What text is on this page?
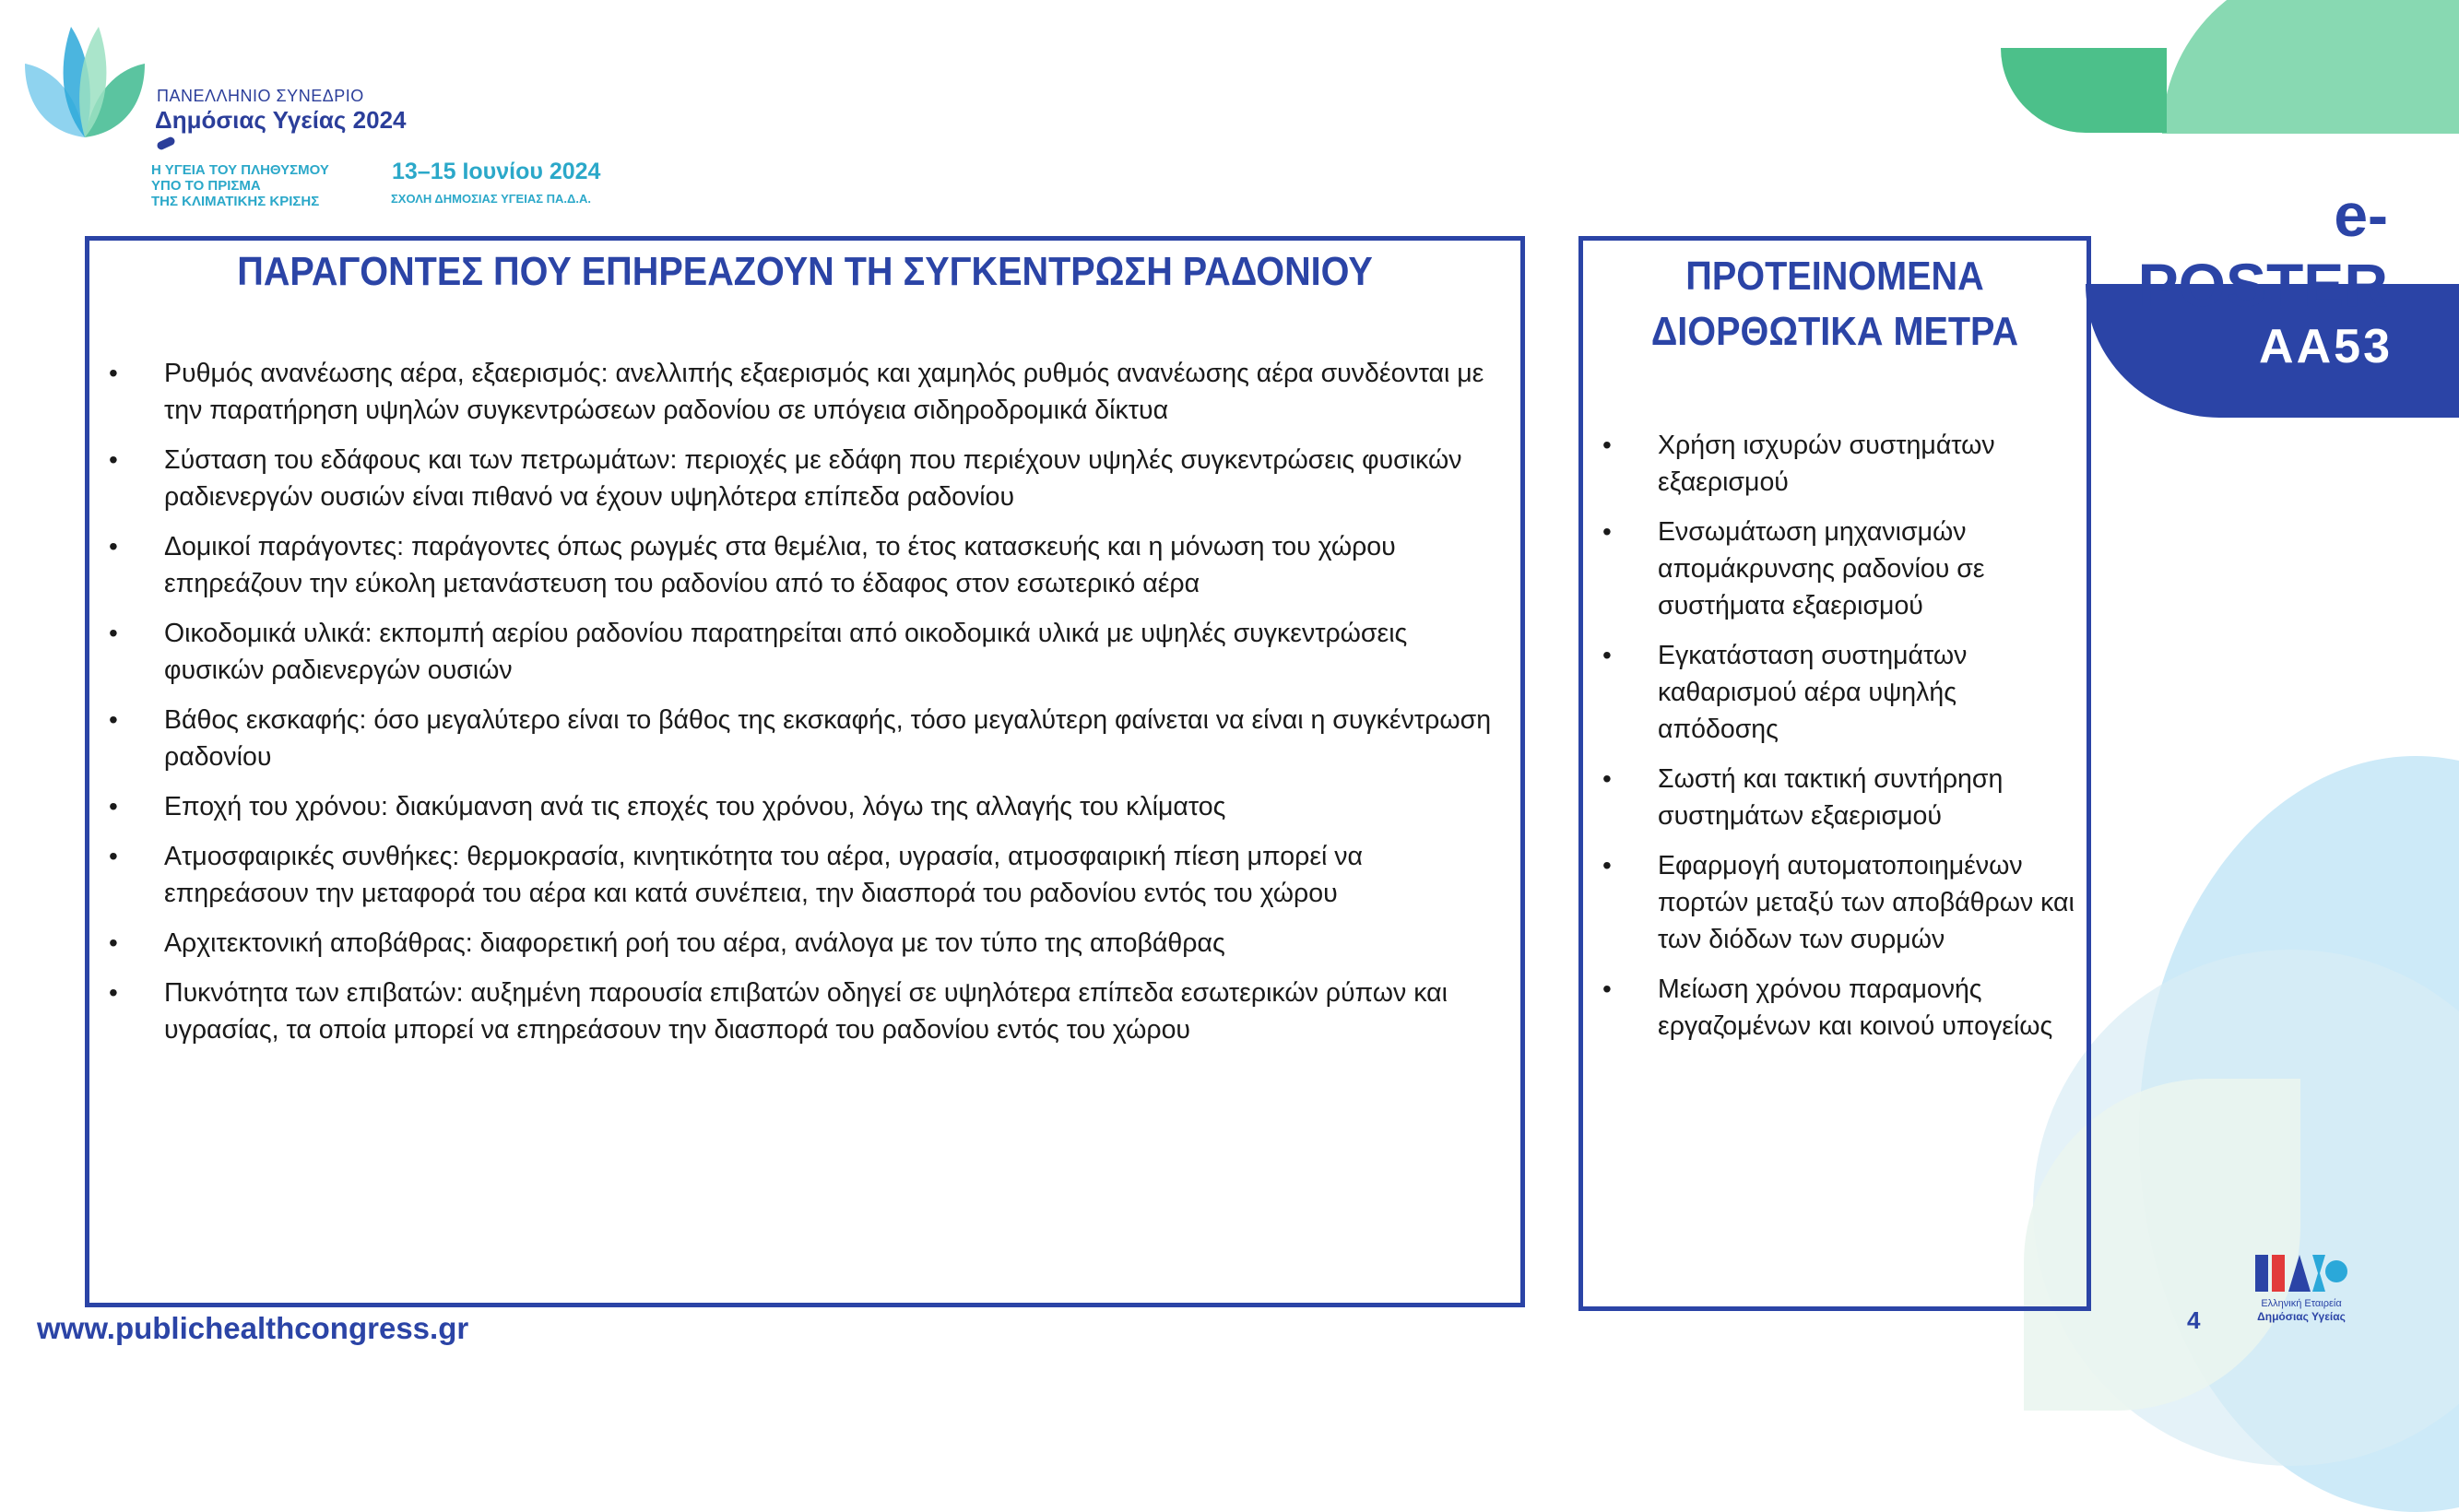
ΠΑΝΕΛΛΗΝΙΟ ΣΥΝΕΔΡΙΟ
Δημόσιας Υγείας 2024
Η ΥΓΕΙΑ ΤΟΥ ΠΛΗΘΥΣΜΟΥ
ΥΠΟ ΤΟ ΠΡΙΣΜΑ
ΤΗΣ ΚΛΙΜΑΤΙΚΗΣ ΚΡΙΣΗΣ
13–15 Ιουνίου 2024
ΣΧΟΛΗ ΔΗΜΟΣΙΑΣ ΥΓΕΙΑΣ ΠΑ.Δ.Α.	e-POSTER
AA53
ΠΑΡΑΓΟΝΤΕΣ ΠΟΥ ΕΠΗΡΕΑΖΟΥΝ ΤΗ ΣΥΓΚΕΝΤΡΩΣΗ ΡΑΔΟΝΙΟΥ
• Ρυθμός ανανέωσης αέρα, εξαερισμός: ανελλιπής εξαερισμός και χαμηλός ρυθμός ανανέωσης αέρα συνδέονται με την παρατήρηση υψηλών συγκεντρώσεων ραδονίου σε υπόγεια σιδηροδρομικά δίκτυα
• Σύσταση του εδάφους και των πετρωμάτων: περιοχές με εδάφη που περιέχουν υψηλές συγκεντρώσεις φυσικών ραδιενεργών ουσιών είναι πιθανό να έχουν υψηλότερα επίπεδα ραδονίου
• Δομικοί παράγοντες: παράγοντες όπως ρωγμές στα θεμέλια, το έτος κατασκευής και η μόνωση του χώρου επηρεάζουν την εύκολη μετανάστευση του ραδονίου από το έδαφος στον εσωτερικό αέρα
• Οικοδομικά υλικά: εκπομπή αερίου ραδονίου παρατηρείται από οικοδομικά υλικά με υψηλές συγκεντρώσεις φυσικών ραδιενεργών ουσιών
• Βάθος εκσκαφής: όσο μεγαλύτερο είναι το βάθος της εκσκαφής, τόσο μεγαλύτερη φαίνεται να είναι η συγκέντρωση ραδονίου
• Εποχή του χρόνου: διακύμανση ανά τις εποχές του χρόνου, λόγω της αλλαγής του κλίματος
• Ατμοσφαιρικές συνθήκες: θερμοκρασία, κινητικότητα του αέρα, υγρασία, ατμοσφαιρική πίεση μπορεί να επηρεάσουν την μεταφορά του αέρα και κατά συνέπεια, την διασπορά του ραδονίου εντός του χώρου
• Αρχιτεκτονική αποβάθρας: διαφορετική ροή του αέρα, ανάλογα με τον τύπο της αποβάθρας
• Πυκνότητα των επιβατών: αυξημένη παρουσία επιβατών οδηγεί σε υψηλότερα επίπεδα εσωτερικών ρύπων και υγρασίας, τα οποία μπορεί να επηρεάσουν την διασπορά του ραδονίου εντός του χώρου
ΠΡΟΤΕΙΝΟΜΕΝΑ
ΔΙΟΡΘΩΤΙΚΑ ΜΕΤΡΑ
• Χρήση ισχυρών συστημάτων εξαερισμού
• Ενσωμάτωση μηχανισμών απομάκρυνσης ραδονίου σε συστήματα εξαερισμού
• Εγκατάσταση συστημάτων καθαρισμού αέρα υψηλής απόδοσης
• Σωστή και τακτική συντήρηση συστημάτων εξαερισμού
• Εφαρμογή αυτοματοποιημένων πορτών μεταξύ των αποβάθρων και των διόδων των συρμών
• Μείωση χρόνου παραμονής εργαζομένων και κοινού υπογείως
www.publichealthcongress.gr	4
Ελληνική Εταιρεία
Δημόσιας Υγείας
